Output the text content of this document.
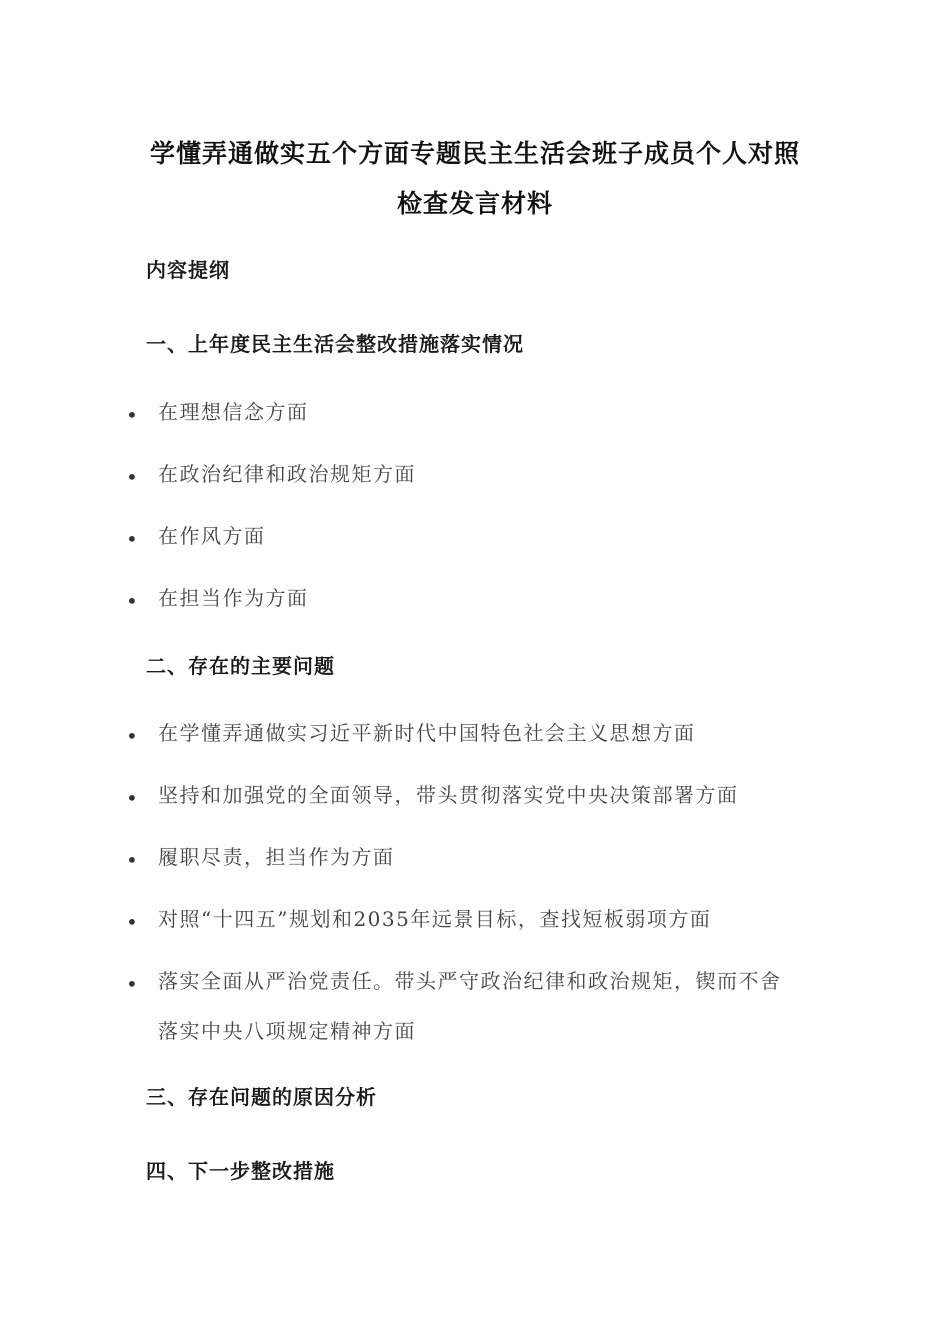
学懂弄通做实五个方面专题民主生活会班子成员个人对照
检查发言材料
内容提纲
一、上年度民主生活会整改措施落实情况
• 在理想信念方面
• 在政治纪律和政治规矩方面
• 在作风方面
• 在担当作为方面
二、存在的主要问题
• 在学懂弄通做实习近平新时代中国特色社会主义思想方面
• 坚持和加强党的全面领导，带头贯彻落实党中央决策部署方面
• 履职尽责，担当作为方面
• 对照“十四五”规划和2035年远景目标，查找短板弱项方面
• 落实全面从严治党责任。带头严守政治纪律和政治规矩，锲而不舍
落实中央八项规定精神方面
三、存在问题的原因分析
四、下一步整改措施
